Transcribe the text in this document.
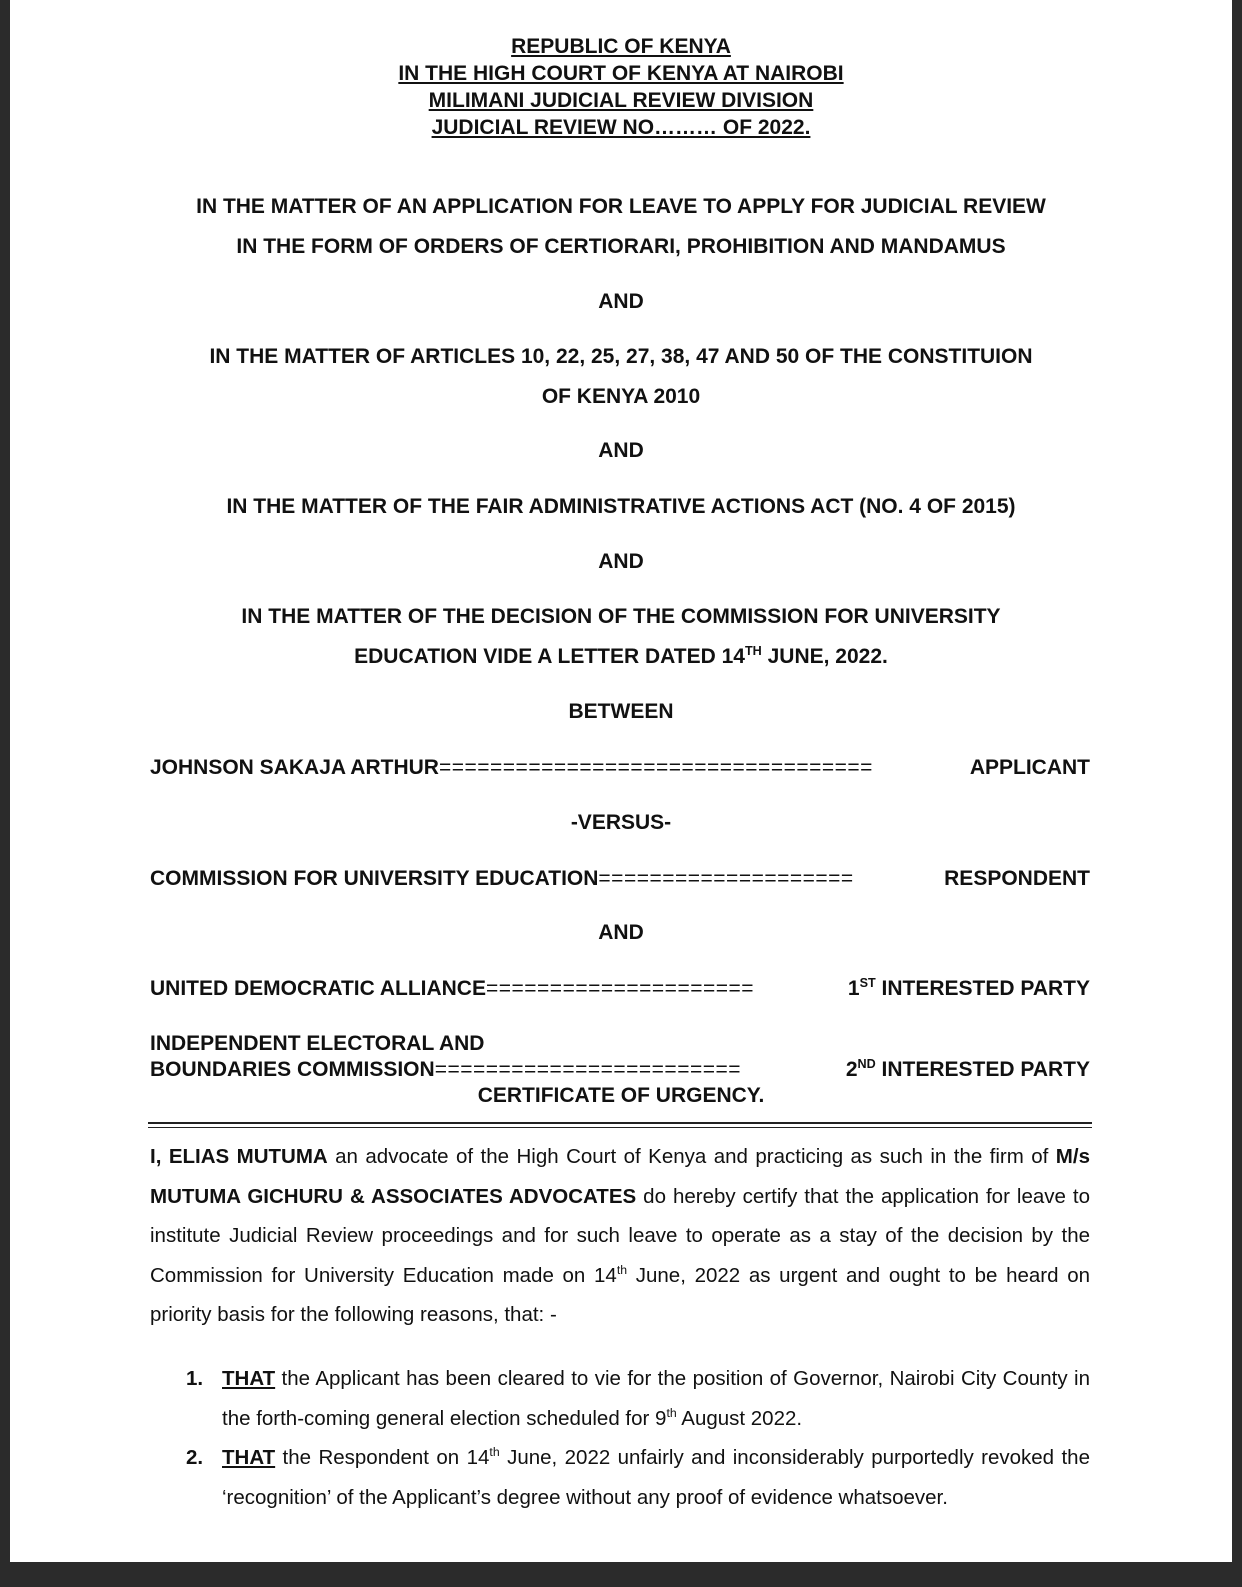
REPUBLIC OF KENYA
IN THE HIGH COURT OF KENYA AT NAIROBI
MILIMANI JUDICIAL REVIEW DIVISION
JUDICIAL REVIEW NO……… OF 2022.
IN THE MATTER OF AN APPLICATION FOR LEAVE TO APPLY FOR JUDICIAL REVIEW
IN THE FORM OF ORDERS OF CERTIORARI, PROHIBITION AND MANDAMUS
AND
IN THE MATTER OF ARTICLES 10, 22, 25, 27, 38, 47 AND 50 OF THE CONSTITUION
OF KENYA 2010
AND
IN THE MATTER OF THE FAIR ADMINISTRATIVE ACTIONS ACT (NO. 4 OF 2015)
AND
IN THE MATTER OF THE DECISION OF THE COMMISSION FOR UNIVERSITY
EDUCATION VIDE A LETTER DATED 14TH JUNE, 2022.
BETWEEN
JOHNSON SAKAJA ARTHUR==================================	APPLICANT
-VERSUS-
COMMISSION FOR UNIVERSITY EDUCATION====================	RESPONDENT
AND
UNITED DEMOCRATIC ALLIANCE=====================	1ST INTERESTED PARTY
INDEPENDENT ELECTORAL AND
BOUNDARIES COMMISSION========================	2ND INTERESTED PARTY
CERTIFICATE OF URGENCY.
I, ELIAS MUTUMA an advocate of the High Court of Kenya and practicing as such in the firm of M/s MUTUMA GICHURU & ASSOCIATES ADVOCATES do hereby certify that the application for leave to institute Judicial Review proceedings and for such leave to operate as a stay of the decision by the Commission for University Education made on 14th June, 2022 as urgent and ought to be heard on priority basis for the following reasons, that: -
1. THAT the Applicant has been cleared to vie for the position of Governor, Nairobi City County in the forth-coming general election scheduled for 9th August 2022.
2. THAT the Respondent on 14th June, 2022 unfairly and inconsiderably purportedly revoked the ‘recognition’ of the Applicant’s degree without any proof of evidence whatsoever.
